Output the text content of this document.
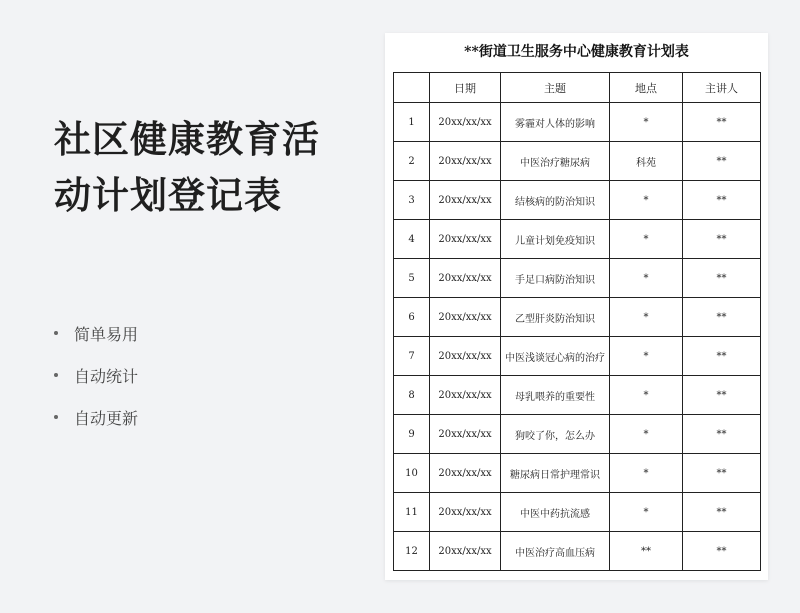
社区健康教育活
动计划登记表
简单易用
自动统计
自动更新
**街道卫生服务中心健康教育计划表
	日期	主题	地点	主讲人
1	20xx/xx/xx	雾霾对人体的影响	*	**
2	20xx/xx/xx	中医治疗糖尿病	科苑	**
3	20xx/xx/xx	结核病的防治知识	*	**
4	20xx/xx/xx	儿童计划免疫知识	*	**
5	20xx/xx/xx	手足口病防治知识	*	**
6	20xx/xx/xx	乙型肝炎防治知识	*	**
7	20xx/xx/xx	中医浅谈冠心病的治疗	*	**
8	20xx/xx/xx	母乳喂养的重要性	*	**
9	20xx/xx/xx	狗咬了你，怎么办	*	**
10	20xx/xx/xx	糖尿病日常护理常识	*	**
11	20xx/xx/xx	中医中药抗流感	*	**
12	20xx/xx/xx	中医治疗高血压病	**	**
